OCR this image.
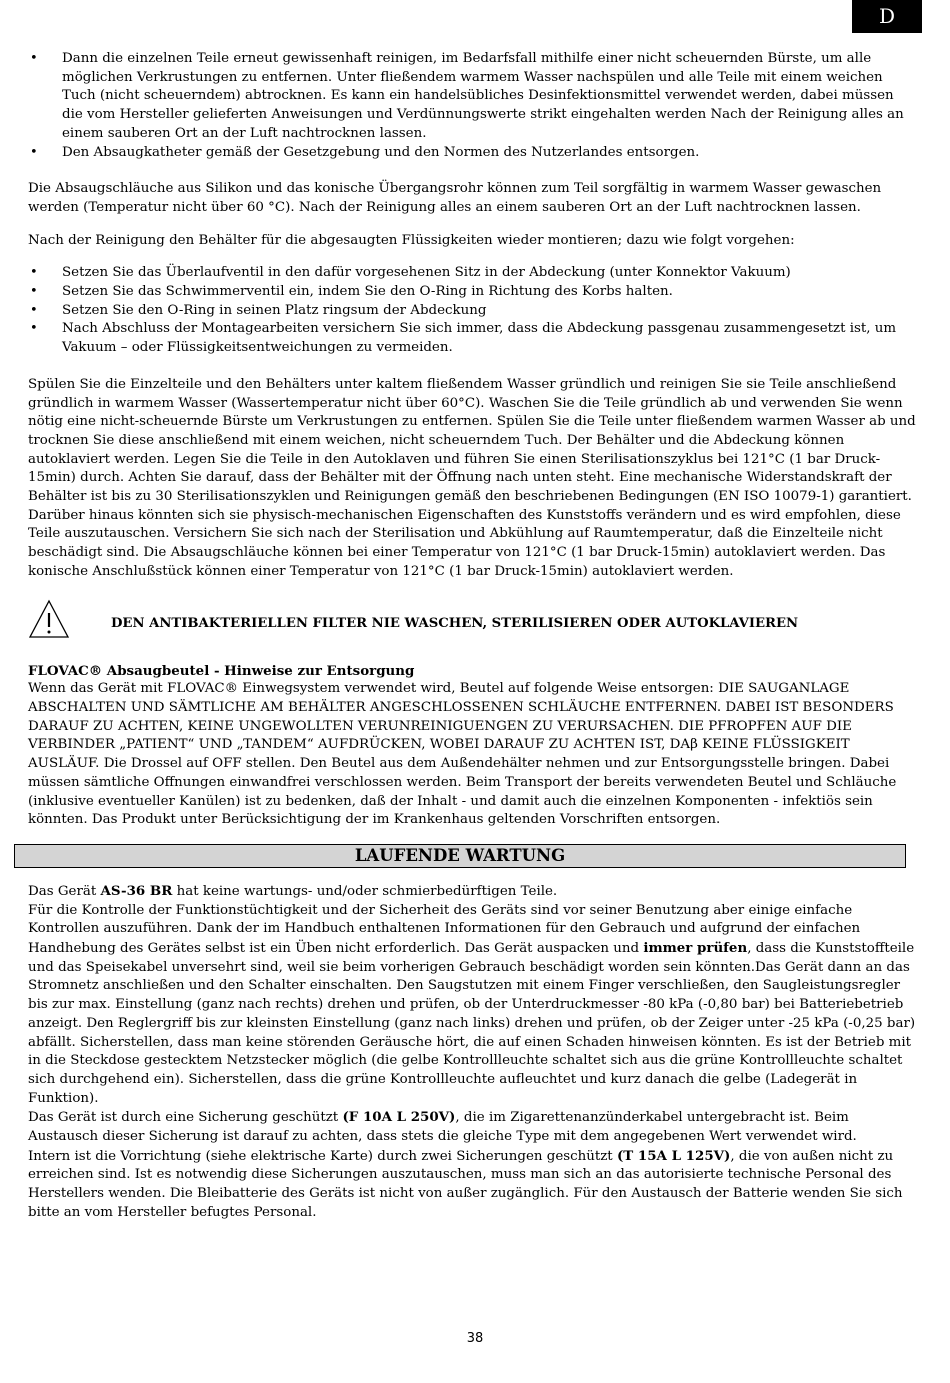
D
• Dann die einzelnen Teile erneut gewissenhaft reinigen, im Bedarfsfall mithilfe einer nicht scheuernden Bürste, um alle möglichen Verkrustungen zu entfernen. Unter fließendem warmem Wasser nachspülen und alle Teile mit einem weichen Tuch (nicht scheuerndem) abtrocknen. Es kann ein handelsübliches Desinfektionsmittel verwendet werden, dabei müssen die vom Hersteller gelieferten Anweisungen und Verdünnungswerte strikt eingehalten werden Nach der Reinigung alles an einem sauberen Ort an der Luft nachtrocknen lassen.
• Den Absaugkatheter gemäß der Gesetzgebung und den Normen des Nutzerlandes entsorgen.

Die Absaugschläuche aus Silikon und das konische Übergangsrohr können zum Teil sorgfältig in warmem Wasser gewaschen werden (Temperatur nicht über 60 °C). Nach der Reinigung alles an einem sauberen Ort an der Luft nachtrocknen lassen.

Nach der Reinigung den Behälter für die abgesaugten Flüssigkeiten wieder montieren; dazu wie folgt vorgehen:

• Setzen Sie das Überlaufventil in den dafür vorgesehenen Sitz in der Abdeckung (unter Konnektor Vakuum)
• Setzen Sie das Schwimmerventil ein, indem Sie den O-Ring in Richtung des Korbs halten.
• Setzen Sie den O-Ring in seinen Platz ringsum der Abdeckung
• Nach Abschluss der Montagearbeiten versichern Sie sich immer, dass die Abdeckung passgenau zusammengesetzt ist, um Vakuum – oder Flüssigkeitsentweichungen zu vermeiden.

Spülen Sie die Einzelteile und den Behälters unter kaltem fließendem Wasser gründlich und reinigen Sie sie Teile anschließend gründlich in warmem Wasser (Wassertemperatur nicht über 60°C). Waschen Sie die Teile gründlich ab und verwenden Sie wenn nötig eine nicht-scheuernde Bürste um Verkrustungen zu entfernen. Spülen Sie die Teile unter fließendem warmen Wasser ab und trocknen Sie diese anschließend mit einem weichen, nicht scheuerndem Tuch. Der Behälter und die Abdeckung können autoklaviert werden. Legen Sie die Teile in den Autoklaven und führen Sie einen Sterilisationszyklus bei 121°C (1 bar Druck-15min) durch. Achten Sie darauf, dass der Behälter mit der Öffnung nach unten steht. Eine mechanische Widerstandskraft der Behälter ist bis zu 30 Sterilisationszyklen und Reinigungen gemäß den beschriebenen Bedingungen (EN ISO 10079-1) garantiert. Darüber hinaus könnten sich sie physisch-mechanischen Eigenschaften des Kunststoffs verändern und es wird empfohlen, diese Teile auszutauschen. Versichern Sie sich nach der Sterilisation und Abkühlung auf Raumtemperatur, daß die Einzelteile nicht beschädigt sind. Die Absaugschläuche können bei einer Temperatur von 121°C (1 bar Druck-15min) autoklaviert werden. Das konische Anschlußstück können einer Temperatur von 121°C (1 bar Druck-15min) autoklaviert werden.

DEN ANTIBAKTERIELLEN FILTER NIE WASCHEN, STERILISIEREN ODER AUTOKLAVIEREN

FLOVAC® Absaugbeutel - Hinweise zur Entsorgung

Wenn das Gerät mit FLOVAC® Einwegsystem verwendet wird, Beutel auf folgende Weise entsorgen: DIE SAUGANLAGE ABSCHALTEN UND SÄMTLICHE AM BEHÄLTER ANGESCHLOSSENEN SCHLÄUCHE ENTFERNEN. DABEI IST BESONDERS DARAUF ZU ACHTEN, KEINE UNGEWOLLTEN VERUNREINIGUENGEN ZU VERURSACHEN. DIE PFROPFEN AUF DIE VERBINDER „PATIENT“ UND „TANDEM“ AUFDRÜCKEN, WOBEI DARAUF ZU ACHTEN IST, DAβ KEINE FLÜSSIGKEIT AUSLÄUF. Die Drossel auf OFF stellen. Den Beutel aus dem Außendehälter nehmen und zur Entsorgungsstelle bringen. Dabei müssen sämtliche Offnungen einwandfrei verschlossen werden. Beim Transport der bereits verwendeten Beutel und Schläuche (inklusive eventueller Kanülen) ist zu bedenken, daß der Inhalt - und damit auch die einzelnen Komponenten - infektiös sein könnten. Das Produkt unter Berücksichtigung der im Krankenhaus geltenden Vorschriften entsorgen.

LAUFENDE WARTUNG

Das Gerät AS-36 BR hat keine wartungs- und/oder schmierbedürftigen Teile.

Für die Kontrolle der Funktionstüchtigkeit und der Sicherheit des Geräts sind vor seiner Benutzung aber einige einfache Kontrollen auszuführen. Dank der im Handbuch enthaltenen Informationen für den Gebrauch und aufgrund der einfachen Handhebung des Gerätes selbst ist ein Üben nicht erforderlich. Das Gerät auspacken und immer prüfen, dass die Kunststoffteile und das Speisekabel unversehrt sind, weil sie beim vorherigen Gebrauch beschädigt worden sein könnten.Das Gerät dann an das Stromnetz anschließen und den Schalter einschalten. Den Saugstutzen mit einem Finger verschließen, den Saugleistungsregler bis zur max. Einstellung (ganz nach rechts) drehen und prüfen, ob der Unterdruckmesser -80 kPa (-0,80 bar) bei Batteriebetrieb anzeigt. Den Reglergriff bis zur kleinsten Einstellung (ganz nach links) drehen und prüfen, ob der Zeiger unter -25 kPa (-0,25 bar) abfällt. Sicherstellen, dass man keine störenden Geräusche hört, die auf einen Schaden hinweisen könnten. Es ist der Betrieb mit in die Steckdose gestecktem Netzstecker möglich (die gelbe Kontrollleuchte schaltet sich aus die grüne Kontrollleuchte schaltet sich durchgehend ein). Sicherstellen, dass die grüne Kontrollleuchte aufleuchtet und kurz danach die gelbe (Ladegerät in Funktion).

Das Gerät ist durch eine Sicherung geschützt (F 10A L 250V), die im Zigarettenanzünderkabel untergebracht ist. Beim Austausch dieser Sicherung ist darauf zu achten, dass stets die gleiche Type mit dem angegebenen Wert verwendet wird.

Intern ist die Vorrichtung (siehe elektrische Karte) durch zwei Sicherungen geschützt (T 15A L 125V), die von außen nicht zu erreichen sind. Ist es notwendig diese Sicherungen auszutauschen, muss man sich an das autorisierte technische Personal des Herstellers wenden. Die Bleibatterie des Geräts ist nicht von außer zugänglich. Für den Austausch der Batterie wenden Sie sich bitte an vom Hersteller befugtes Personal.

38
